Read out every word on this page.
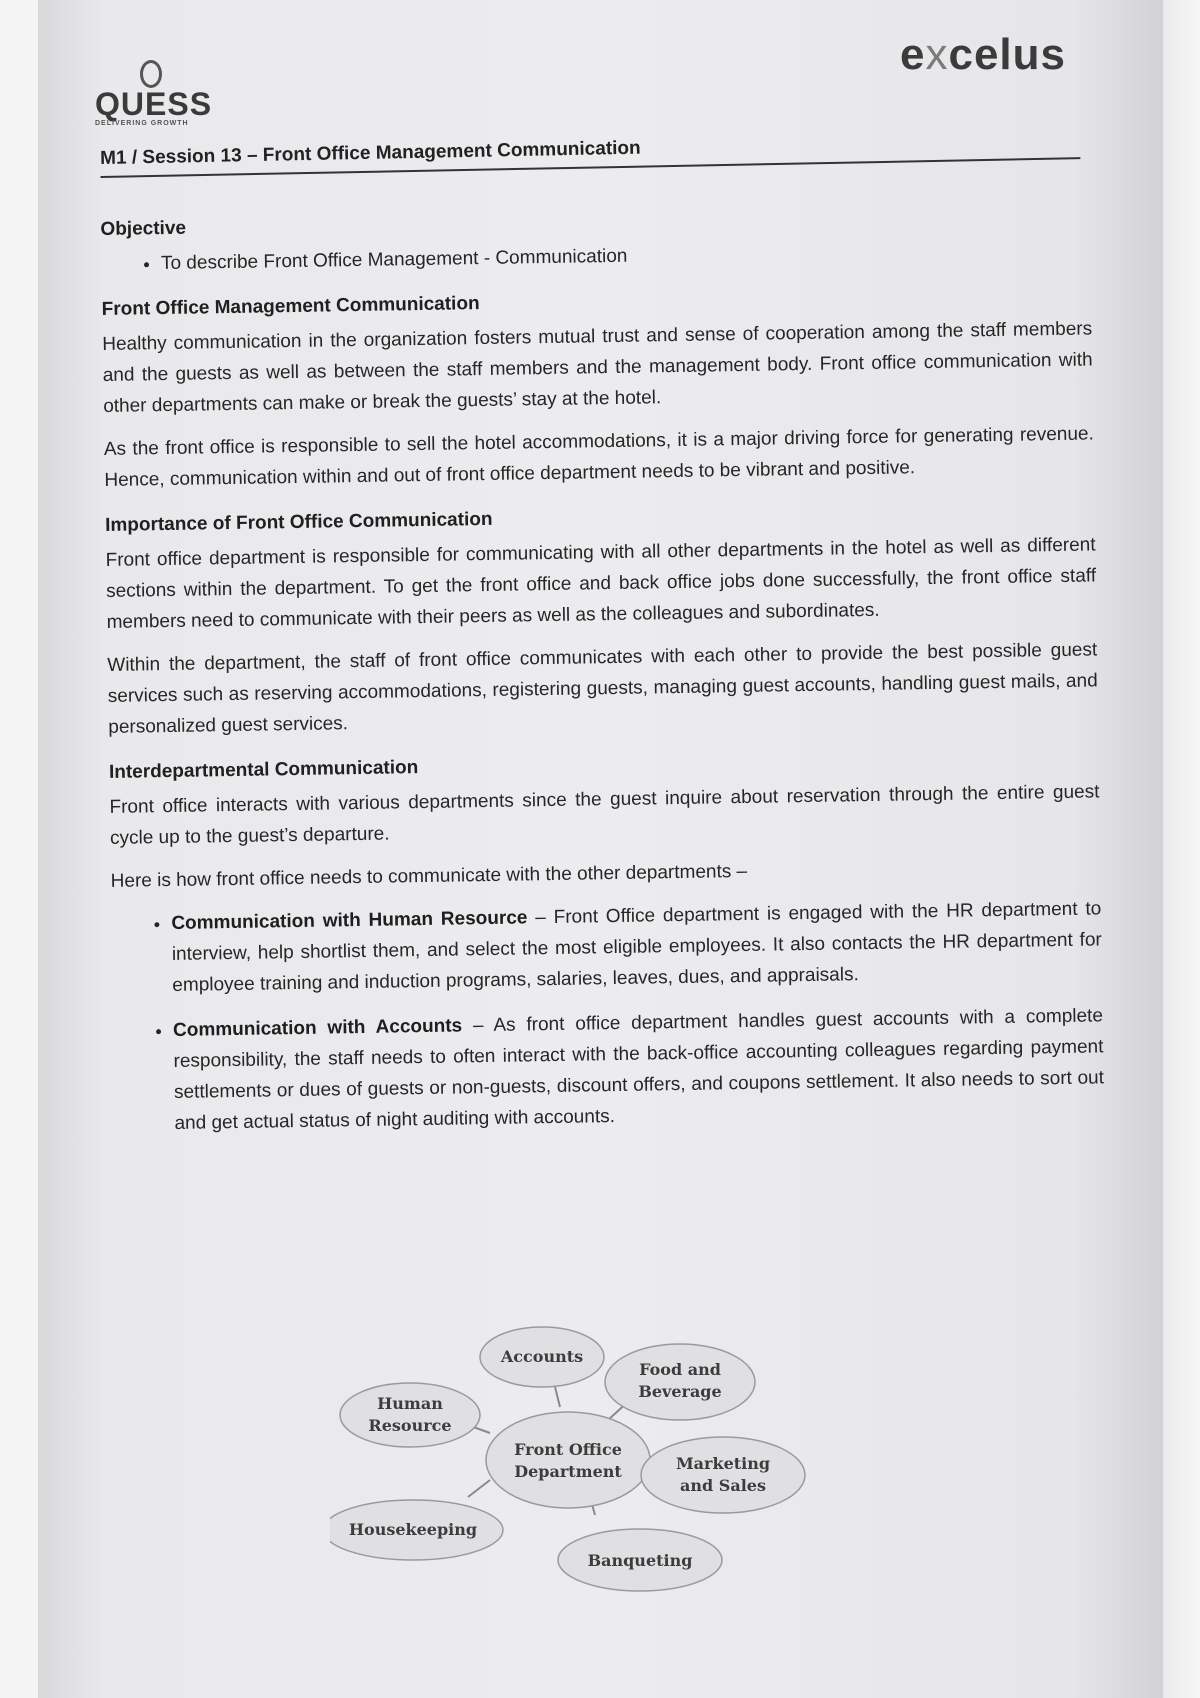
QUESS
DELIVERING GROWTH
excelus
M1 / Session 13 – Front Office Management Communication
Objective
• To describe Front Office Management - Communication
Front Office Management Communication

Healthy communication in the organization fosters mutual trust and sense of cooperation among the staff members and the guests as well as between the staff members and the management body. Front office communication with other departments can make or break the guests’ stay at the hotel.

As the front office is responsible to sell the hotel accommodations, it is a major driving force for generating revenue. Hence, communication within and out of front office department needs to be vibrant and positive.

Importance of Front Office Communication

Front office department is responsible for communicating with all other departments in the hotel as well as different sections within the department. To get the front office and back office jobs done successfully, the front office staff members need to communicate with their peers as well as the colleagues and subordinates.

Within the department, the staff of front office communicates with each other to provide the best possible guest services such as reserving accommodations, registering guests, managing guest accounts, handling guest mails, and personalized guest services.

Interdepartmental Communication

Front office interacts with various departments since the guest inquire about reservation through the entire guest cycle up to the guest’s departure.

Here is how front office needs to communicate with the other departments –

• Communication with Human Resource – Front Office department is engaged with the HR department to interview, help shortlist them, and select the most eligible employees. It also contacts the HR department for employee training and induction programs, salaries, leaves, dues, and appraisals.
• Communication with Accounts – As front office department handles guest accounts with a complete responsibility, the staff needs to often interact with the back-office accounting colleagues regarding payment settlements or dues of guests or non-guests, discount offers, and coupons settlement. It also needs to sort out and get actual status of night auditing with accounts.
Accounts
Food and Beverage
Human Resource
Front Office Department	Marketing and Sales
Housekeeping
Banqueting
